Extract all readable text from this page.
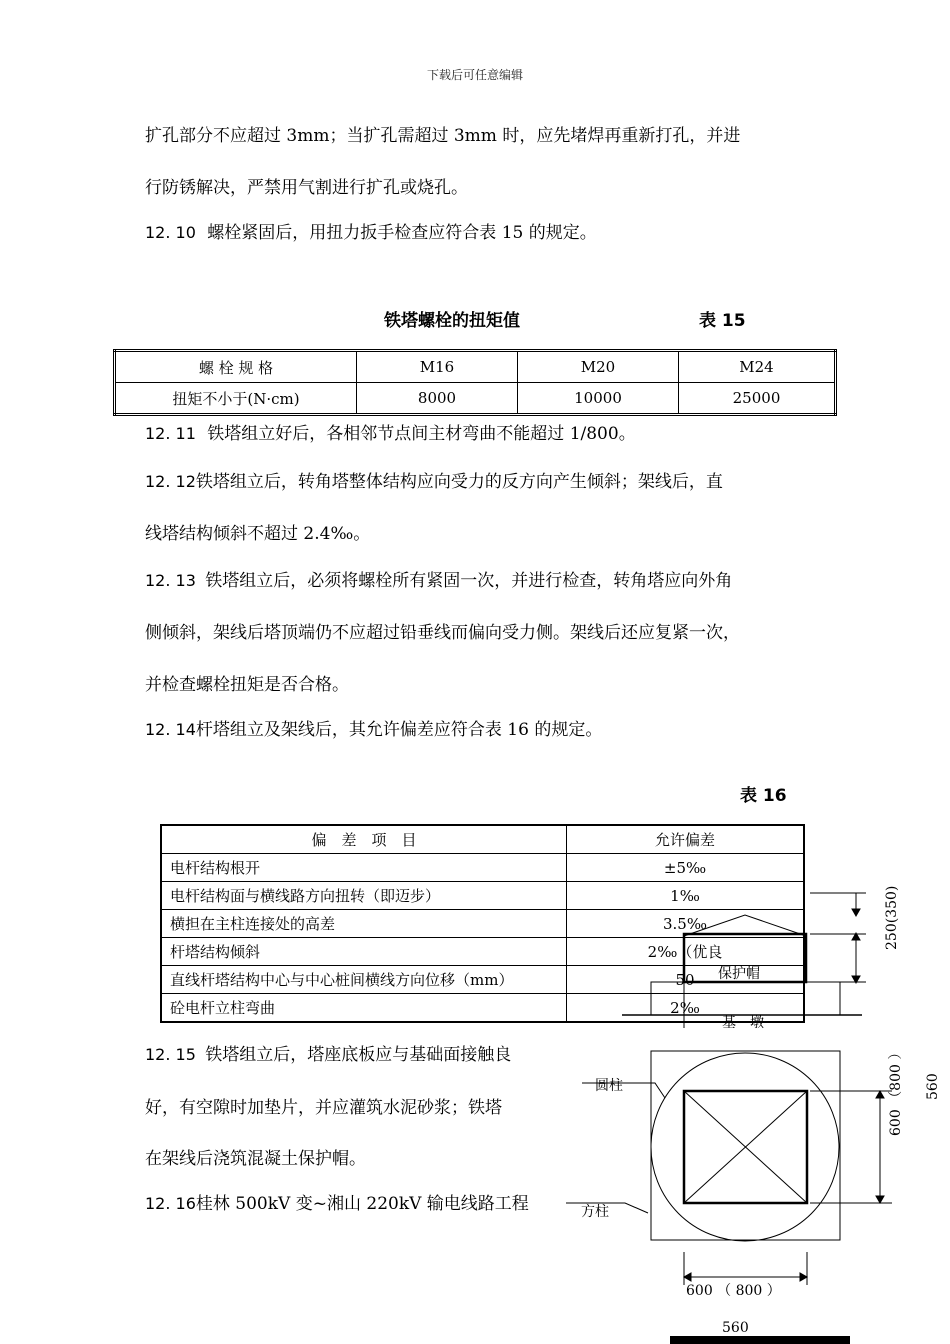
下载后可任意编辑
扩孔部分不应超过 3mm；当扩孔需超过 3mm 时，应先堵焊再重新打孔，并进
行防锈解决，严禁用气割进行扩孔或烧孔。
12. 10 螺栓紧固后，用扭力扳手检查应符合表 15 的规定。
铁塔螺栓的扭矩值	表 15
螺 栓 规 格	M16	M20	M24
扭矩不小于(N·cm)	8000	10000	25000
12. 11 铁塔组立好后，各相邻节点间主材弯曲不能超过 1/800。
12. 12铁塔组立后，转角塔整体结构应向受力的反方向产生倾斜；架线后，直
线塔结构倾斜不超过 2.4‰。
12. 13 铁塔组立后，必须将螺栓所有紧固一次，并进行检查，转角塔应向外角
侧倾斜，架线后塔顶端仍不应超过铅垂线而偏向受力侧。架线后还应复紧一次，
并检查螺栓扭矩是否合格。
12. 14杆塔组立及架线后，其允许偏差应符合表 16 的规定。
表 16
偏　差　项　目	允许偏差
电杆结构根开	±5‰
电杆结构面与横线路方向扭转（即迈步）	1‰
横担在主柱连接处的高差	3.5‰
杆塔结构倾斜	2‰（优良
直线杆塔结构中心与中心桩间横线方向位移（mm）	50
砼电杆立柱弯曲	2‰
12. 15 铁塔组立后，塔座底板应与基础面接触良
好，有空隙时加垫片，并应灌筑水泥砂浆；铁塔
在架线后浇筑混凝土保护帽。
12. 16桂林 500kV 变~湘山 220kV 输电线路工程
保护帽
基　墩
250(350)
圆柱
方柱
600 （800 ） 560
600 （ 800 ）
560
